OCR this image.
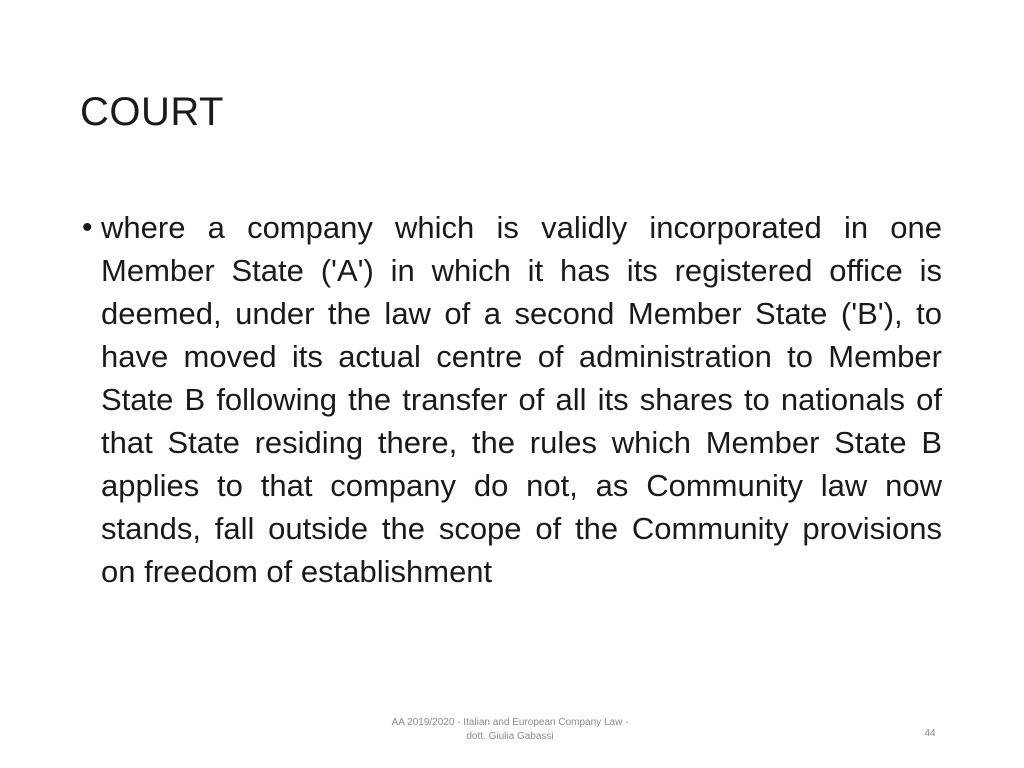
COURT
• where a company which is validly incorporated in one Member State ('A') in which it has its registered office is deemed, under the law of a second Member State ('B'), to have moved its actual centre of administration to Member State B following the transfer of all its shares to nationals of that State residing there, the rules which Member State B applies to that company do not, as Community law now stands, fall outside the scope of the Community provisions on freedom of establishment
AA 2019/2020 - Italian and European Company Law -
dott. Giulia Gabassi	44
